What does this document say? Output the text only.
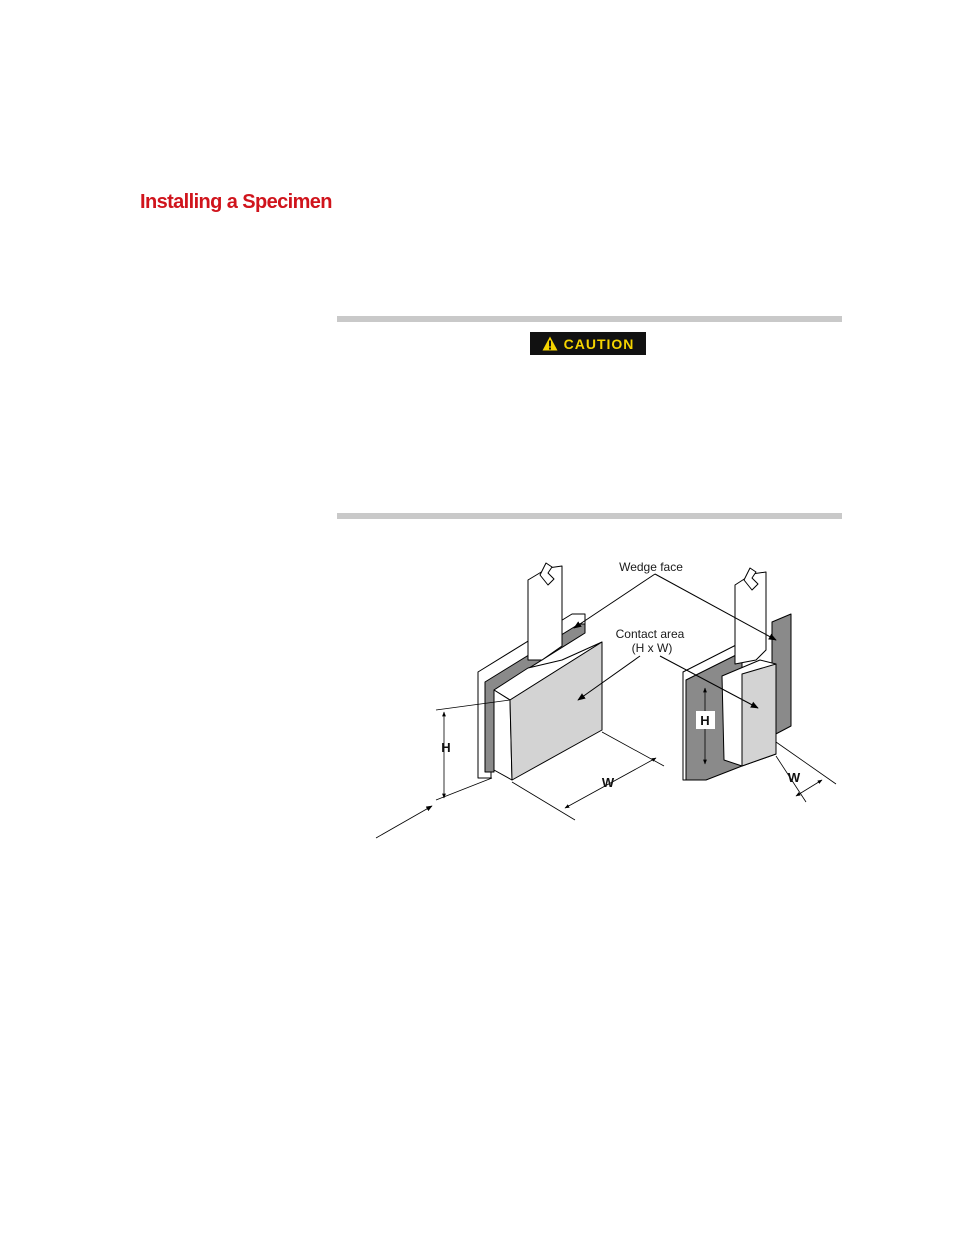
Installing a Specimen
CAUTION
Wedge face
Contact area
(H x W)
H
W
H
W
